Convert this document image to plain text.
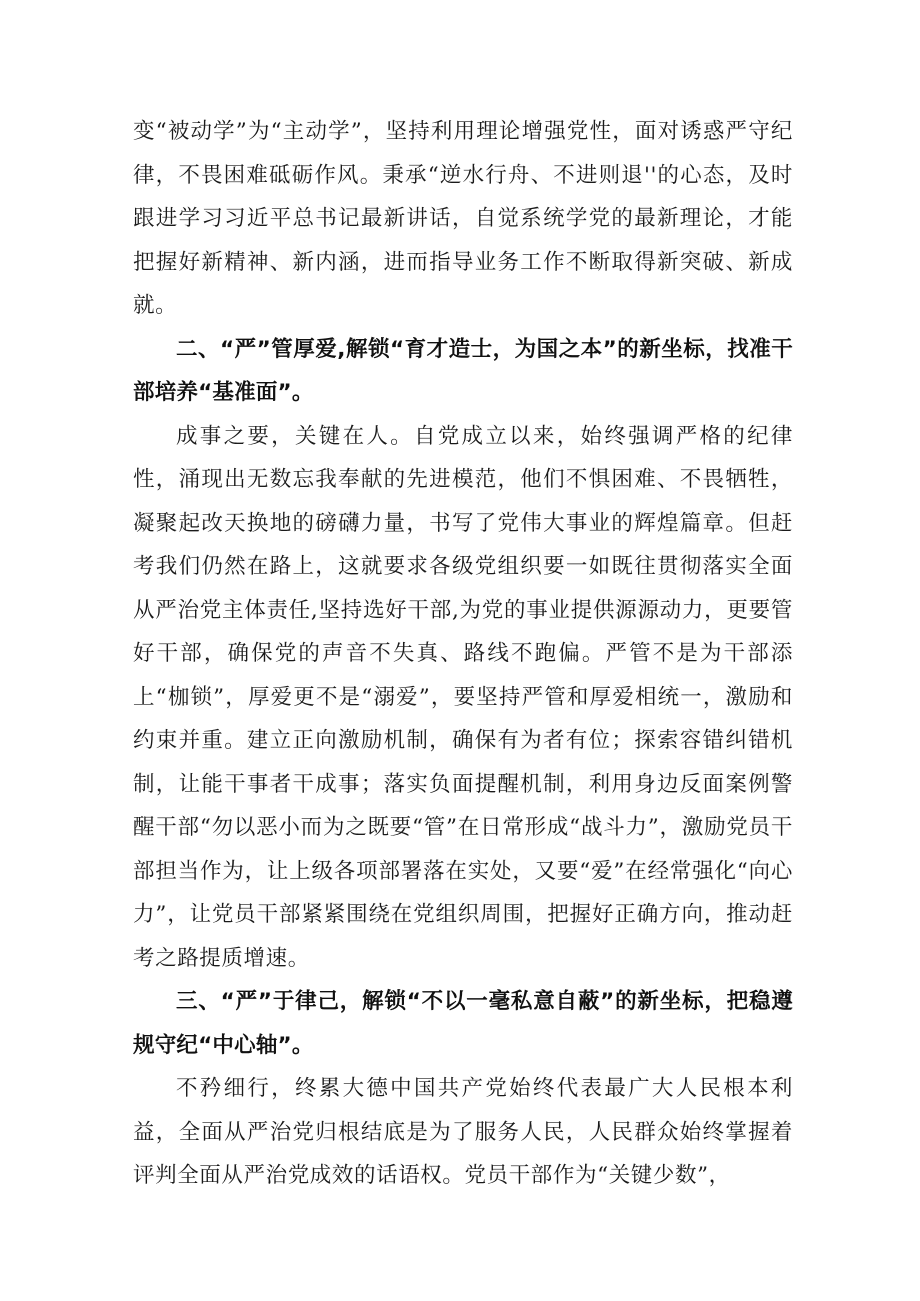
变“被动学”为“主动学”，坚持利用理论增强党性，面对诱惑严守纪律，不畏困难砥砺作风。秉承“逆水行舟、不进则退''的心态，及时跟进学习习近平总书记最新讲话，自觉系统学党的最新理论，才能把握好新精神、新内涵，进而指导业务工作不断取得新突破、新成就。

二、“严”管厚爱,解锁“育才造士，为国之本”的新坐标，找准干部培养“基准面”。

成事之要，关键在人。自党成立以来，始终强调严格的纪律性，涌现出无数忘我奉献的先进模范，他们不惧困难、不畏牺牲，凝聚起改天换地的磅礴力量，书写了党伟大事业的辉煌篇章。但赶考我们仍然在路上，这就要求各级党组织要一如既往贯彻落实全面从严治党主体责任,坚持选好干部,为党的事业提供源源动力，更要管好干部，确保党的声音不失真、路线不跑偏。严管不是为干部添上“枷锁”，厚爱更不是“溺爱”，要坚持严管和厚爱相统一，激励和约束并重。建立正向激励机制，确保有为者有位；探索容错纠错机制，让能干事者干成事；落实负面提醒机制，利用身边反面案例警醒干部“勿以恶小而为之既要“管”在日常形成“战斗力”，激励党员干部担当作为，让上级各项部署落在实处，又要“爱”在经常强化“向心力”，让党员干部紧紧围绕在党组织周围，把握好正确方向，推动赶考之路提质增速。

三、“严”于律己，解锁“不以一毫私意自蔽”的新坐标，把稳遵规守纪“中心轴”。

不矜细行，终累大德中国共产党始终代表最广大人民根本利益，全面从严治党归根结底是为了服务人民，人民群众始终掌握着评判全面从严治党成效的话语权。党员干部作为“关键少数”，
